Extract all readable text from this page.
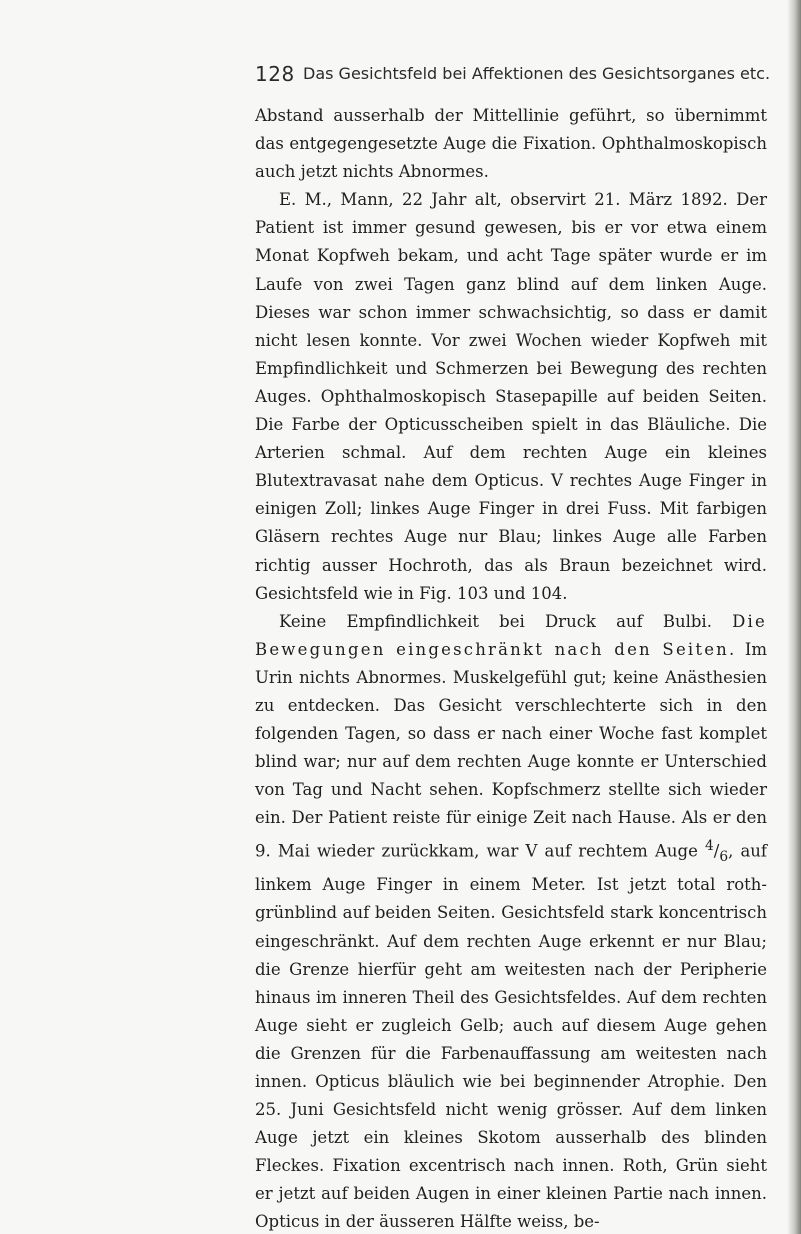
128 Das Gesichtsfeld bei Affektionen des Gesichtsorganes etc.

Abstand ausserhalb der Mittellinie geführt, so übernimmt das entgegengesetzte Auge die Fixation. Ophthalmoskopisch auch jetzt nichts Abnormes.

E. M., Mann, 22 Jahr alt, observirt 21. März 1892. Der Patient ist immer gesund gewesen, bis er vor etwa einem Monat Kopfweh bekam, und acht Tage später wurde er im Laufe von zwei Tagen ganz blind auf dem linken Auge. Dieses war schon immer schwachsichtig, so dass er damit nicht lesen konnte. Vor zwei Wochen wieder Kopfweh mit Empfindlichkeit und Schmerzen bei Bewegung des rechten Auges. Ophthalmoskopisch Stasepapille auf beiden Seiten. Die Farbe der Opticusscheiben spielt in das Bläuliche. Die Arterien schmal. Auf dem rechten Auge ein kleines Blutextravasat nahe dem Opticus. V rechtes Auge Finger in einigen Zoll; linkes Auge Finger in drei Fuss. Mit farbigen Gläsern rechtes Auge nur Blau; linkes Auge alle Farben richtig ausser Hochroth, das als Braun bezeichnet wird. Gesichtsfeld wie in Fig. 103 und 104.

Keine Empfindlichkeit bei Druck auf Bulbi. Die Bewegungen eingeschränkt nach den Seiten. Im Urin nichts Abnormes. Muskelgefühl gut; keine Anästhesien zu entdecken. Das Gesicht verschlechterte sich in den folgenden Tagen, so dass er nach einer Woche fast komplet blind war; nur auf dem rechten Auge konnte er Unterschied von Tag und Nacht sehen. Kopfschmerz stellte sich wieder ein. Der Patient reiste für einige Zeit nach Hause. Als er den 9. Mai wieder zurückkam, war V auf rechtem Auge $^4/_6$, auf linkem Auge Finger in einem Meter. Ist jetzt total roth-grünblind auf beiden Seiten. Gesichtsfeld stark koncentrisch eingeschränkt. Auf dem rechten Auge erkennt er nur Blau; die Grenze hierfür geht am weitesten nach der Peripherie hinaus im inneren Theil des Gesichtsfeldes. Auf dem rechten Auge sieht er zugleich Gelb; auch auf diesem Auge gehen die Grenzen für die Farbenauffassung am weitesten nach innen. Opticus bläulich wie bei beginnender Atrophie. Den 25. Juni Gesichtsfeld nicht wenig grösser. Auf dem linken Auge jetzt ein kleines Skotom ausserhalb des blinden Fleckes. Fixation excentrisch nach innen. Roth, Grün sieht er jetzt auf beiden Augen in einer kleinen Partie nach innen. Opticus in der äusseren Hälfte weiss, be-
